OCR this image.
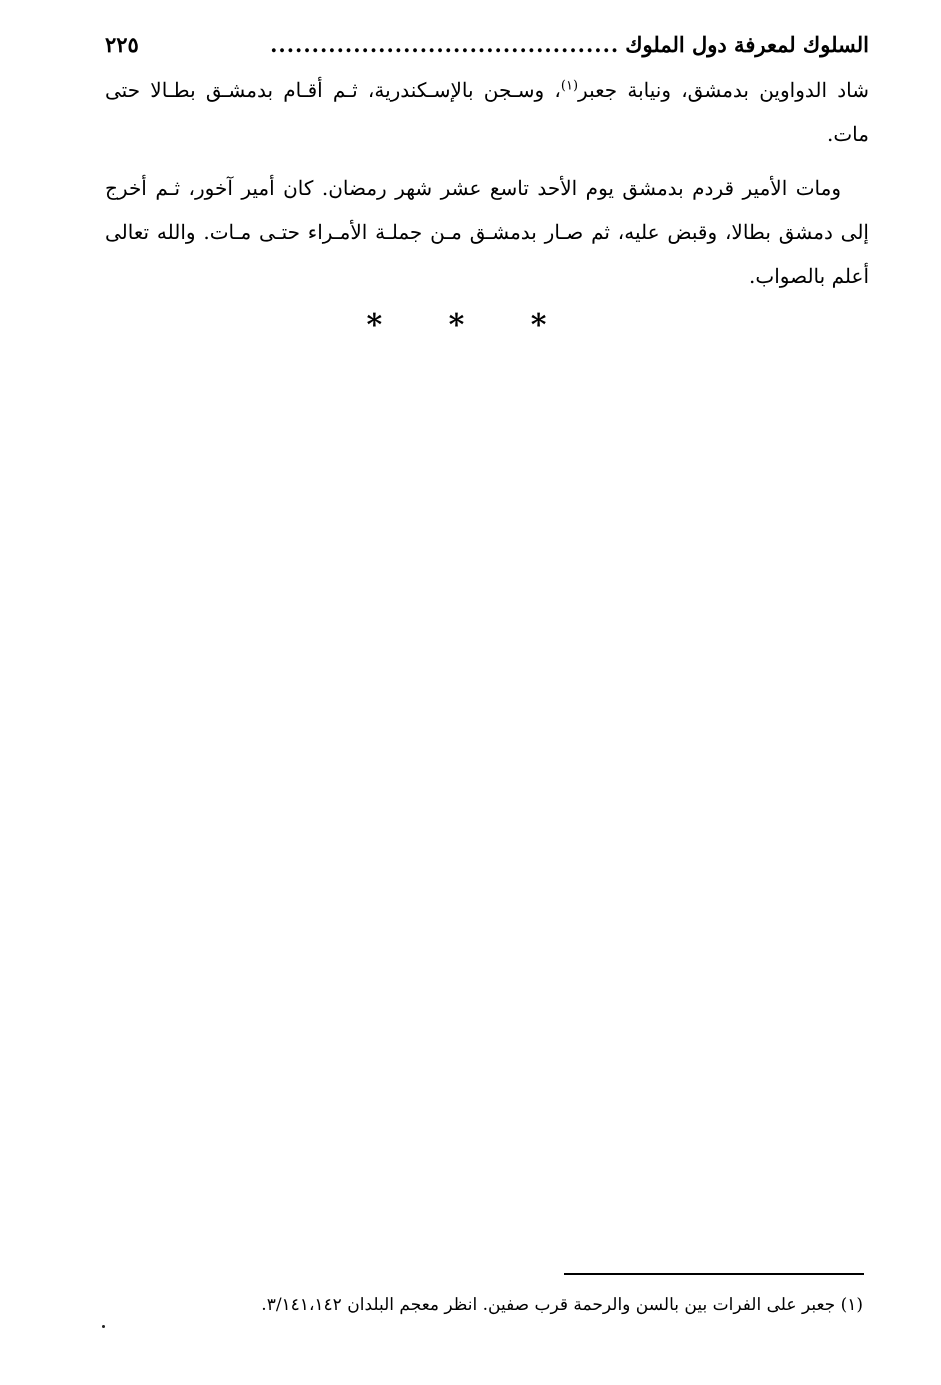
السلوك لمعرفة دول الملوك
..........................................
٢٢٥

شاد الدواوين بدمشق، ونيابة جعبر$^{(١)}$، وسـجن بالإسـكندرية، ثـم أقـام بدمشـق بطـالا حتى مات.

ومات الأمير قردم بدمشق يوم الأحد تاسع عشر شهر رمضان. كان أمير آخور، ثـم أخرج إلى دمشق بطالا، وقبض عليه، ثم صـار بدمشـق مـن جملـة الأمـراء حتـى مـات. والله تعالى أعلم بالصواب.

* * *
(١) جعبر على الفرات بين بالسن والرحمة قرب صفين. انظر معجم البلدان ٣/١٤١،١٤٢.
